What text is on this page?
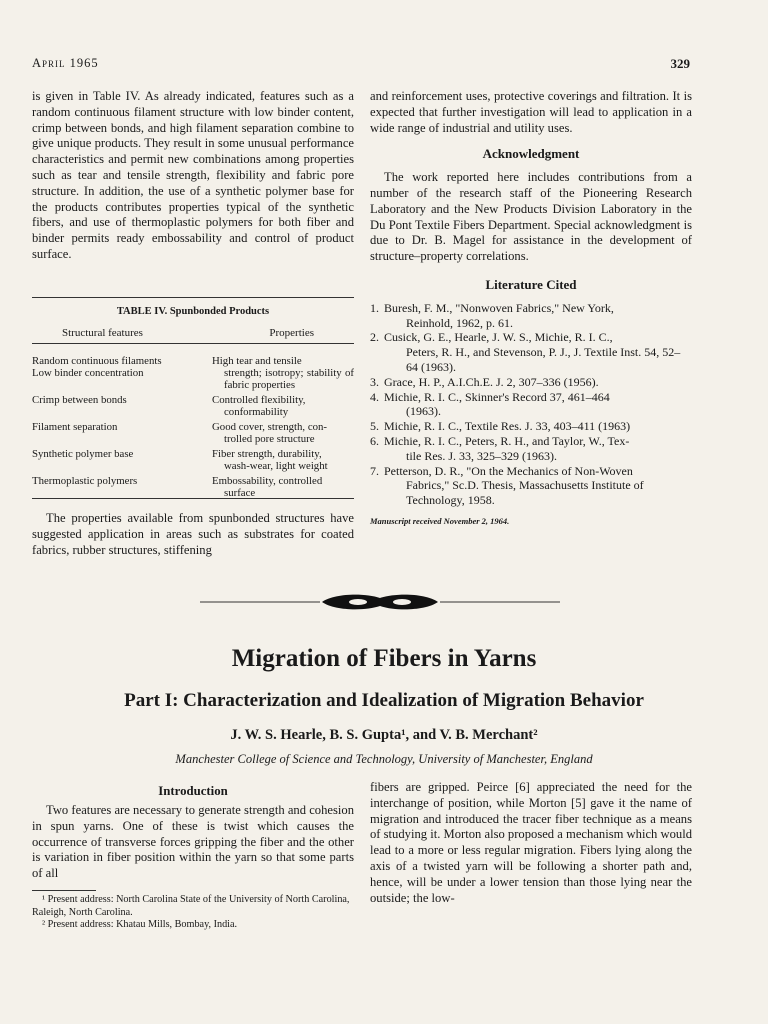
April 1965	329

is given in Table IV. As already indicated, features such as a random continuous filament structure with low binder content, crimp between bonds, and high filament separation combine to give unique products. They result in some unusual performance characteristics and permit new combinations among properties such as tear and tensile strength, flexibility and fabric pore structure. In addition, the use of a synthetic polymer base for the products contributes properties typical of the synthetic fibers, and use of thermoplastic polymers for both fiber and binder permits ready embossability and control of product surface.

TABLE IV. Spunbonded Products
Structural features	Properties
Random continuous filaments	High tear and tensile
Low binder concentration	strength; isotropy; stability of fabric properties
Crimp between bonds	Controlled flexibility,
conformability
Filament separation	Good cover, strength, con-
trolled pore structure
Synthetic polymer base	Fiber strength, durability,
wash-wear, light weight
Thermoplastic polymers	Embossability, controlled
surface

The properties available from spunbonded structures have suggested application in areas such as substrates for coated fabrics, rubber structures, stiffening

and reinforcement uses, protective coverings and filtration. It is expected that further investigation will lead to application in a wide range of industrial and utility uses.

Acknowledgment

The work reported here includes contributions from a number of the research staff of the Pioneering Research Laboratory and the New Products Division Laboratory in the Du Pont Textile Fibers Department. Special acknowledgment is due to Dr. B. Magel for assistance in the development of structure–property correlations.

Literature Cited
1. Buresh, F. M., "Nonwoven Fabrics," New York,
Reinhold, 1962, p. 61.
2. Cusick, G. E., Hearle, J. W. S., Michie, R. I. C.,
Peters, R. H., and Stevenson, P. J., J. Textile Inst. 54, 52–64 (1963).
3. Grace, H. P., A.I.Ch.E. J. 2, 307–336 (1956).
4. Michie, R. I. C., Skinner's Record 37, 461–464
(1963).
5. Michie, R. I. C., Textile Res. J. 33, 403–411 (1963)
6. Michie, R. I. C., Peters, R. H., and Taylor, W., Tex-
tile Res. J. 33, 325–329 (1963).
7. Petterson, D. R., "On the Mechanics of Non-Woven
Fabrics," Sc.D. Thesis, Massachusetts Institute of Technology, 1958.
Manuscript received November 2, 1964.
Migration of Fibers in Yarns
Part I: Characterization and Idealization of Migration Behavior
J. W. S. Hearle, B. S. Gupta¹, and V. B. Merchant²
Manchester College of Science and Technology, University of Manchester, England
Introduction

Two features are necessary to generate strength and cohesion in spun yarns. One of these is twist which causes the occurrence of transverse forces gripping the fiber and the other is variation in fiber position within the yarn so that some parts of all

¹ Present address: North Carolina State of the University of North Carolina, Raleigh, North Carolina.

² Present address: Khatau Mills, Bombay, India.

fibers are gripped. Peirce [6] appreciated the need for the interchange of position, while Morton [5] gave it the name of migration and introduced the tracer fiber technique as a means of studying it. Morton also proposed a mechanism which would lead to a more or less regular migration. Fibers lying along the axis of a twisted yarn will be following a shorter path and, hence, will be under a lower tension than those lying near the outside; the low-
